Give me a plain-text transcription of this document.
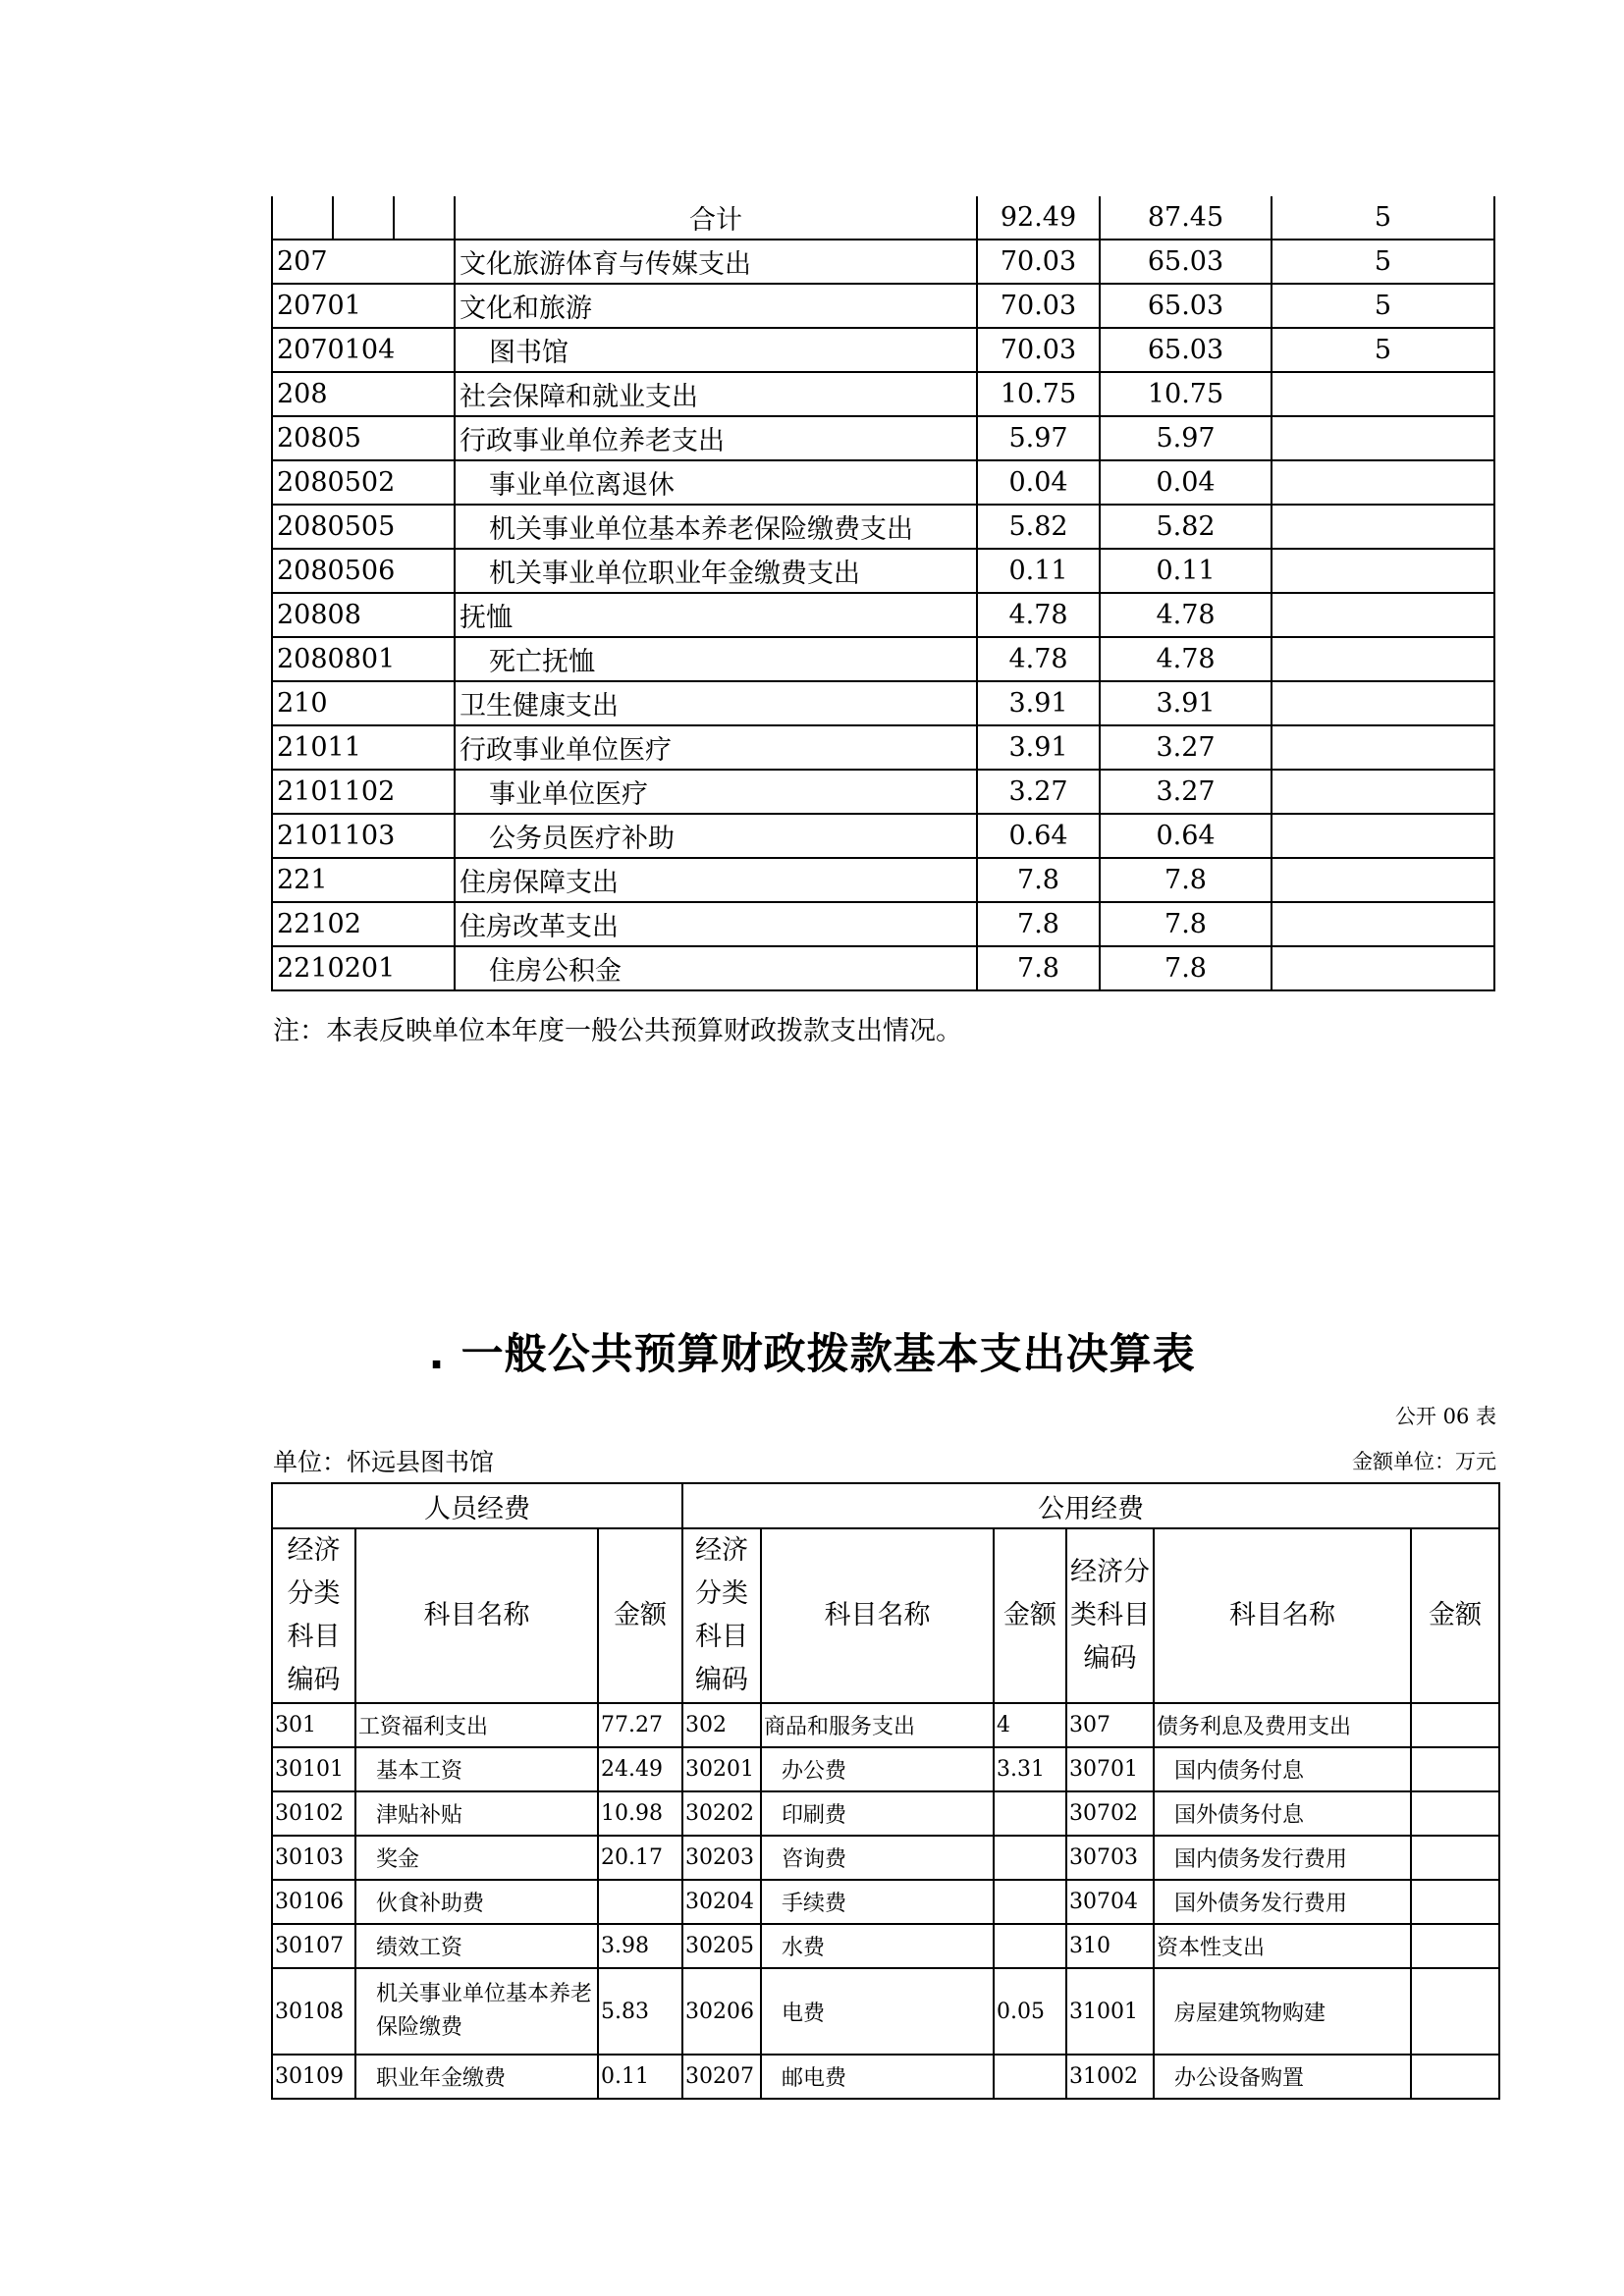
			合计	92.49	87.45	5
207			文化旅游体育与传媒支出	70.03	65.03	5
20701			文化和旅游	70.03	65.03	5
2070104			图书馆	70.03	65.03	5
208			社会保障和就业支出	10.75	10.75	
20805			行政事业单位养老支出	5.97	5.97	
2080502			事业单位离退休	0.04	0.04	
2080505			机关事业单位基本养老保险缴费支出	5.82	5.82	
2080506			机关事业单位职业年金缴费支出	0.11	0.11	
20808			抚恤	4.78	4.78	
2080801			死亡抚恤	4.78	4.78	
210			卫生健康支出	3.91	3.91	
21011			行政事业单位医疗	3.91	3.27	
2101102			事业单位医疗	3.27	3.27	
2101103			公务员医疗补助	0.64	0.64	
221			住房保障支出	7.8	7.8	
22102			住房改革支出	7.8	7.8	
2210201			住房公积金	7.8	7.8	
注：本表反映单位本年度一般公共预算财政拨款支出情况。
. 一般公共预算财政拨款基本支出决算表
公开 06 表
单位：怀远县图书馆	金额单位：万元
人员经费			公用经费					
经济分类科目编码	科目名称	金额	经济分类科目编码	科目名称	金额	经济分类科目编码	科目名称	金额
301	工资福利支出	77.27	302	商品和服务支出	4	307	债务利息及费用支出	
30101	基本工资	24.49	30201	办公费	3.31	30701	国内债务付息	
30102	津贴补贴	10.98	30202	印刷费		30702	国外债务付息	
30103	奖金	20.17	30203	咨询费		30703	国内债务发行费用	
30106	伙食补助费		30204	手续费		30704	国外债务发行费用	
30107	绩效工资	3.98	30205	水费		310	资本性支出	
30108	机关事业单位基本养老保险缴费	5.83	30206	电费	0.05	31001	房屋建筑物购建	
30109	职业年金缴费	0.11	30207	邮电费		31002	办公设备购置	
